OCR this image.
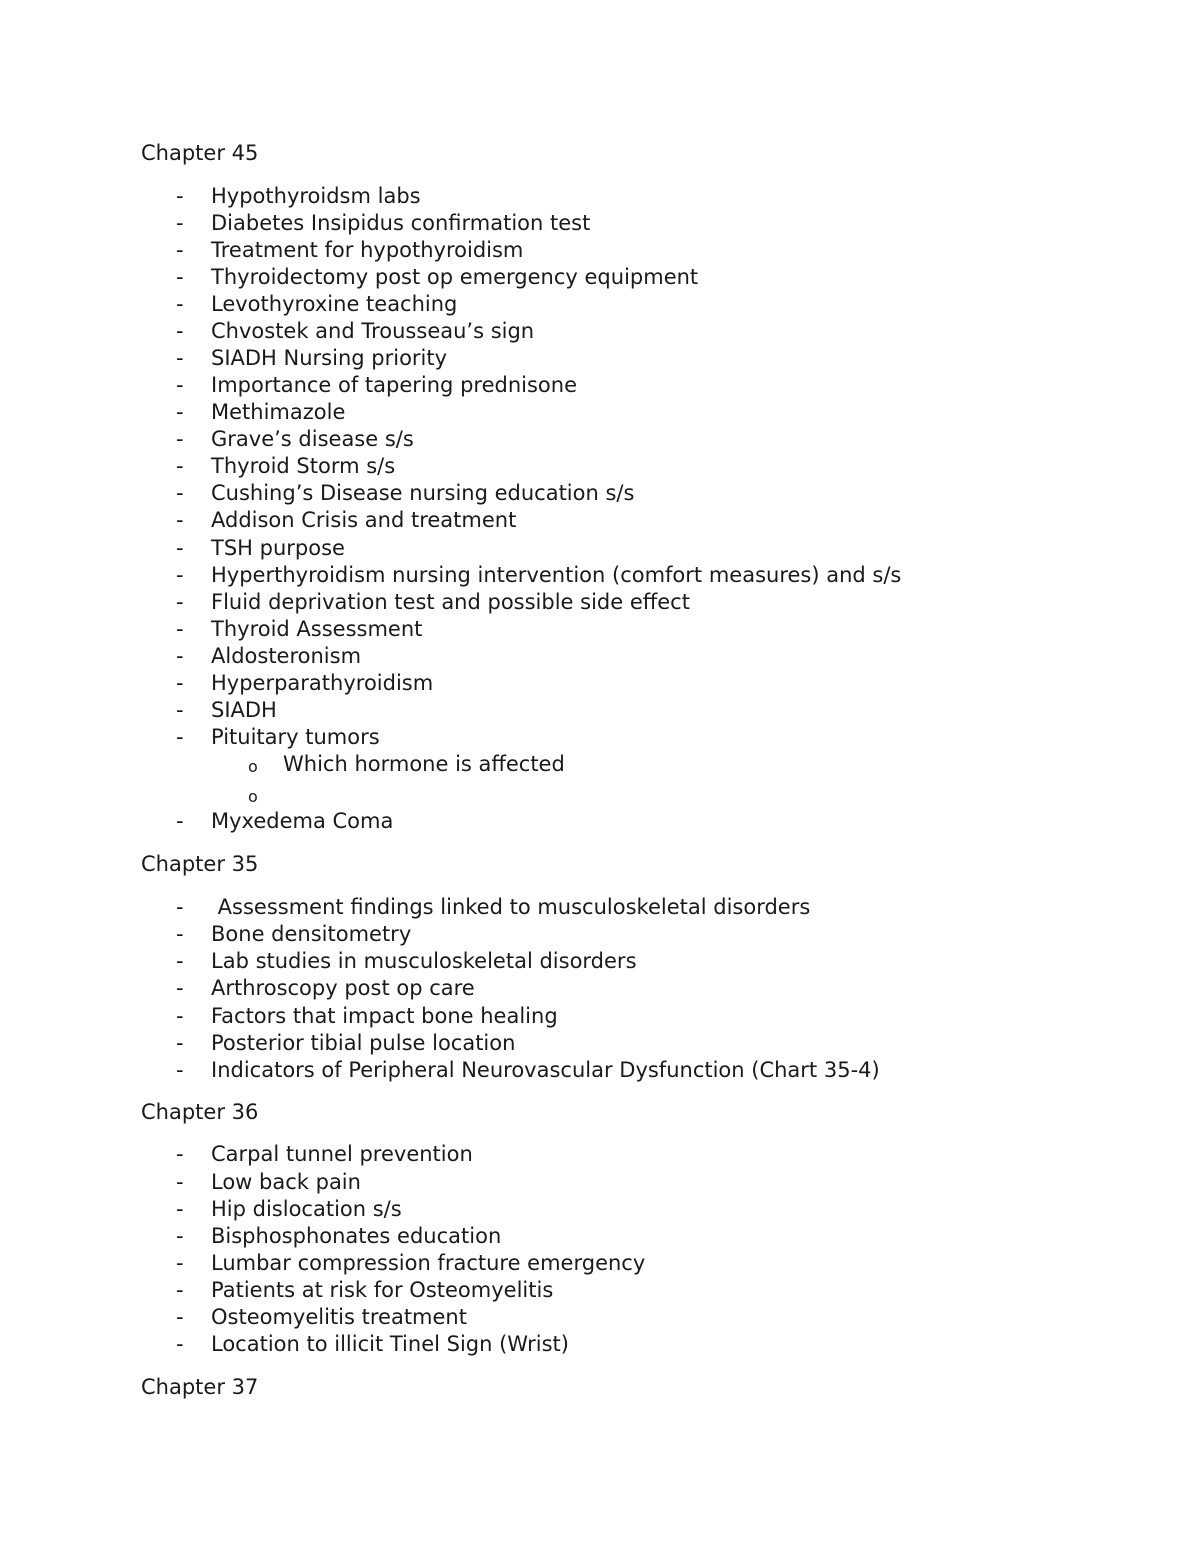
Chapter 45
- Hypothyroidsm labs
- Diabetes Insipidus confirmation test
- Treatment for hypothyroidism
- Thyroidectomy post op emergency equipment
- Levothyroxine teaching
- Chvostek and Trousseau’s sign
- SIADH Nursing priority
- Importance of tapering prednisone
- Methimazole
- Grave’s disease s/s
- Thyroid Storm s/s
- Cushing’s Disease nursing education s/s
- Addison Crisis and treatment
- TSH purpose
- Hyperthyroidism nursing intervention (comfort measures) and s/s
- Fluid deprivation test and possible side effect
- Thyroid Assessment
- Aldosteronism
- Hyperparathyroidism
- SIADH
- Pituitary tumors
o Which hormone is affected
o
- Myxedema Coma
Chapter 35
- Assessment findings linked to musculoskeletal disorders
- Bone densitometry
- Lab studies in musculoskeletal disorders
- Arthroscopy post op care
- Factors that impact bone healing
- Posterior tibial pulse location
- Indicators of Peripheral Neurovascular Dysfunction (Chart 35-4)
Chapter 36
- Carpal tunnel prevention
- Low back pain
- Hip dislocation s/s
- Bisphosphonates education
- Lumbar compression fracture emergency
- Patients at risk for Osteomyelitis
- Osteomyelitis treatment
- Location to illicit Tinel Sign (Wrist)
Chapter 37
